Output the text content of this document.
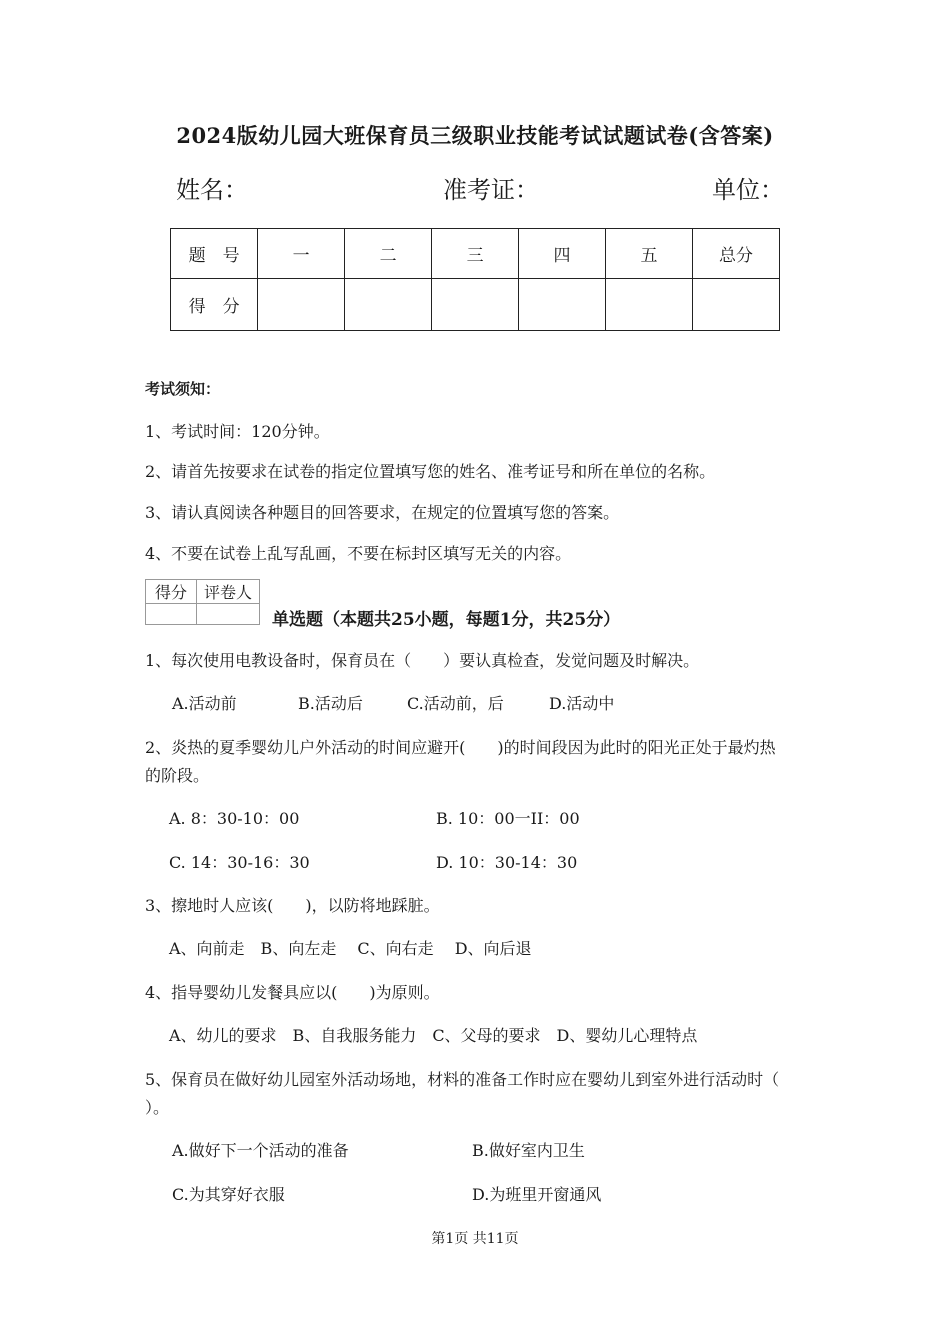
2024版幼儿园大班保育员三级职业技能考试试题试卷(含答案)
姓名：	准考证：	单位：
题　号	一	二	三	四	五	总分
得　分						
考试须知：
1、考试时间：120分钟。
2、请首先按要求在试卷的指定位置填写您的姓名、准考证号和所在单位的名称。
3、请认真阅读各种题目的回答要求，在规定的位置填写您的答案。
4、不要在试卷上乱写乱画，不要在标封区填写无关的内容。
得分	评卷人

单选题（本题共25小题，每题1分，共25分）
1、每次使用电教设备时，保育员在（　　）要认真检查，发觉问题及时解决。
A.活动前	B.活动后	C.活动前，后	D.活动中
2、炎热的夏季婴幼儿户外活动的时间应避开(　　)的时间段因为此时的阳光正处于最灼热
的阶段。
A. 8：30-10：00	B. 10：00一II：00
C. 14：30-16：30	D. 10：30-14：30
3、擦地时人应该(　　)，以防将地踩脏。
A、向前走　B、向左走　 C、向右走　 D、向后退
4、指导婴幼儿发餐具应以(　　)为原则。
A、幼儿的要求　B、自我服务能力　C、父母的要求　D、婴幼儿心理特点
5、保育员在做好幼儿园室外活动场地，材料的准备工作时应在婴幼儿到室外进行活动时（
）。
A.做好下一个活动的准备	B.做好室内卫生
C.为其穿好衣服	D.为班里开窗通风
第1页 共11页
